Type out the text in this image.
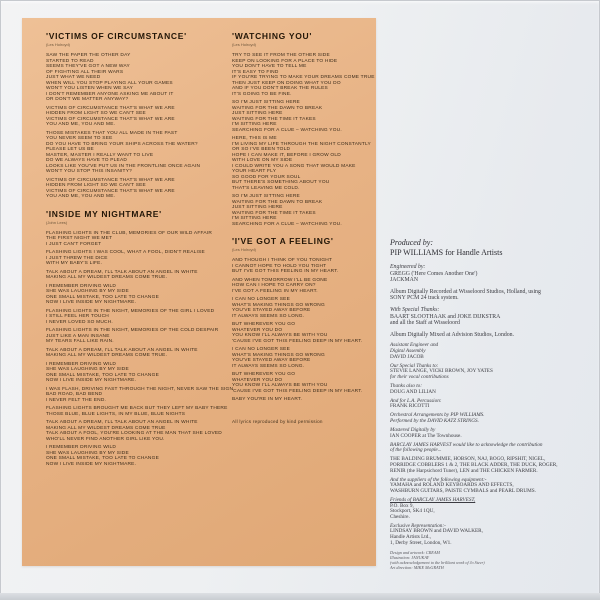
'VICTIMS OF CIRCUMSTANCE'
(Les Holroyd)
SAW THE PAPER THE OTHER DAY
STARTED TO READ
SEEMS THEY'VE GOT A NEW WAY
OF FIGHTING ALL THEIR WARS
JUST WHAT WE NEED
WHEN WILL YOU STOP PLAYING ALL YOUR GAMES
WON'T YOU LISTEN WHEN WE SAY
I DON'T REMEMBER ANYONE ASKING ME ABOUT IT
OR DON'T WE MATTER ANYWAY?
VICTIMS OF CIRCUMSTANCE THAT'S WHAT WE ARE
HIDDEN FROM LIGHT SO WE CAN'T SEE
VICTIMS OF CIRCUMSTANCE THAT'S WHAT WE ARE
YOU AND ME, YOU AND ME.
THOSE MISTAKES THAT YOU ALL MADE IN THE PAST
YOU NEVER SEEM TO SEE
DO YOU HAVE TO BRING YOUR SHIPS ACROSS THE WATER?
PLEASE LET US BE
MASTER, MASTER I REALLY WANT TO LIVE
DO WE ALWAYS HAVE TO PLEAD
LOOKS LIKE YOU'VE PUT US IN THE FRONTLINE ONCE AGAIN
WON'T YOU STOP THIS INSANITY?
VICTIMS OF CIRCUMSTANCE THAT'S WHAT WE ARE
HIDDEN FROM LIGHT SO WE CAN'T SEE
VICTIMS OF CIRCUMSTANCE THAT'S WHAT WE ARE
YOU AND ME, YOU AND ME.
'INSIDE MY NIGHTMARE'
(John Lees)
FLASHING LIGHTS IN THE CLUB, MEMORIES OF OUR WILD AFFAIR
THE FIRST NIGHT WE MET
I JUST CAN'T FORGET
FLASHING LIGHTS I WAS COOL, WHAT A FOOL, DIDN'T REALISE
I JUST THREW THE DICE
WITH MY BABY'S LIFE.
TALK ABOUT A DREAM, I'LL TALK ABOUT AN ANGEL IN WHITE
MAKING ALL MY WILDEST DREAMS COME TRUE.
I REMEMBER DRIVING WILD
SHE WAS LAUGHING BY MY SIDE
ONE SMALL MISTAKE, TOO LATE TO CHANGE
NOW I LIVE INSIDE MY NIGHTMARE.
FLASHING LIGHTS IN THE NIGHT, MEMORIES OF THE GIRL I LOVED
I STILL FEEL HER TOUCH
I NEVER LOVED SO MUCH.
FLASHING LIGHTS IN THE NIGHT, MEMORIES OF THE COLD DESPAIR
JUST LIKE A MAN INSANE
MY TEARS FALL LIKE RAIN.
TALK ABOUT A DREAM, I'LL TALK ABOUT AN ANGEL IN WHITE
MAKING ALL MY WILDEST DREAMS COME TRUE.
I REMEMBER DRIVING WILD
SHE WAS LAUGHING BY MY SIDE
ONE SMALL MISTAKE, TOO LATE TO CHANGE
NOW I LIVE INSIDE MY NIGHTMARE.
I WAS FLASH, DRIVING FAST THROUGH THE NIGHT, NEVER SAW THE SIGN
BAD ROAD, BAD BEND
I NEVER FELT THE END.
FLASHING LIGHTS BROUGHT ME BACK BUT THEY LEFT MY BABY THERE
THOSE BLUE, BLUE LIGHTS, IN MY BLUE, BLUE NIGHTS
TALK ABOUT A DREAM, I'LL TALK ABOUT AN ANGEL IN WHITE
MAKING ALL MY WILDEST DREAMS COME TRUE
TALK ABOUT A FOOL, YOU'RE LOOKING AT THE MAN THAT SHE LOVED
WHO'LL NEVER FIND ANOTHER GIRL LIKE YOU.
I REMEMBER DRIVING WILD
SHE WAS LAUGHING BY MY SIDE
ONE SMALL MISTAKE, TOO LATE TO CHANGE
NOW I LIVE INSIDE MY NIGHTMARE.
'WATCHING YOU'
(Les Holroyd)
TRY TO SEE IT FROM THE OTHER SIDE
KEEP ON LOOKING FOR A PLACE TO HIDE
YOU DON'T HAVE TO TELL ME
IT'S EASY TO FIND
IF YOU'RE TRYING TO MAKE YOUR DREAMS COME TRUE
THEN JUST KEEP ON DOING WHAT YOU DO
AND IF YOU DON'T BREAK THE RULES
IT'S GOING TO BE FINE.
SO I'M JUST SITTING HERE
WAITING FOR THE DAWN TO BREAK
JUST SITTING HERE
WAITING FOR THE TIME IT TAKES
I'M SITTING HERE
SEARCHING FOR A CLUE – WATCHING YOU.
HERE, THIS IS ME
I'M LIVING MY LIFE THROUGH THE NIGHT CONSTANTLY
OR SO I'VE BEEN TOLD
HOPE I CAN MAKE IT, BEFORE I GROW OLD
WITH LOVE ON MY SIDE
I COULD WRITE YOU A SONG THAT WOULD MAKE
YOUR HEART FLY
SO GOOD FOR YOUR SOUL
BUT THERE'S SOMETHING ABOUT YOU
THAT'S LEAVING ME COLD.
SO I'M JUST SITTING HERE
WAITING FOR THE DAWN TO BREAK
JUST SITTING HERE
WAITING FOR THE TIME IT TAKES
I'M SITTING HERE
SEARCHING FOR A CLUE – WATCHING YOU.
'I'VE GOT A FEELING'
(Les Holroyd)
AND THOUGH I THINK OF YOU TONIGHT
I CANNOT HOPE TO HOLD YOU TIGHT
BUT I'VE GOT THIS FEELING IN MY HEART.
AND WHEN TOMORROW I'LL BE GONE
HOW CAN I HOPE TO CARRY ON?
I'VE GOT A FEELING IN MY HEART.
I CAN NO LONGER SEE
WHAT'S MAKING THINGS GO WRONG
YOU'VE STAYED AWAY BEFORE
IT ALWAYS SEEMS SO LONG.
BUT WHEREVER YOU GO
WHATEVER YOU DO
YOU KNOW I'LL ALWAYS BE WITH YOU
'CAUSE I'VE GOT THIS FEELING DEEP IN MY HEART.
I CAN NO LONGER SEE
WHAT'S MAKING THINGS GO WRONG
YOU'VE STAYED AWAY BEFORE
IT ALWAYS SEEMS SO LONG.
BUT WHEREVER YOU GO
WHATEVER YOU DO
YOU KNOW I'LL ALWAYS BE WITH YOU
'CAUSE I'VE GOT THIS FEELING DEEP IN MY HEART.
BABY YOU'RE IN MY HEART.
All lyrics reproduced by kind permission
Produced by:
PIP WILLIAMS for Handle Artists
Engineered by:
GREGG ('Here Comes Another One')
JACKMAN
Album Digitally Recorded at Wisseloord Studios, Holland, using
SONY PCM 24 track system.
With Special Thanks:
BAART SLOOTHAAK and JOKE DIJKSTRA
and all the Staff at Wisseloord
Album Digitally Mixed at Advision Studios, London.
Assistant Engineer and
Digital Assembly
DAVID JACOB
Our Special Thanks to:
STEVIE LANGE, VICKI BROWN, JOY YATES
for their vocal contributions
Thanks also to:
DOUG AND LILIAN
And for L.A. Percussion:
FRANK RICOTTI
Orchestral Arrangements by PIP WILLIAMS.
Performed by the DAVID KATZ STRINGS.
Mastered Digitally by
IAN COOPER at The Townhouse.
BARCLAY JAMES HARVEST would like to acknowledge the contribution
of the following people...
THE BALDING BRUMMIE, HOBSON, NAJ, BOGO, RIPSHIT, NIGEL,
PORRIDGE COBBLERS 1 & 2, THE BLACK ADDER, THE DUCK, ROGER,
RENIR (the Harpsichord Tuner), LEN and THE CHICKEN FARMER.
And the suppliers of the following equipment:-
YAMAHA and ROLAND KEYBOARDS AND EFFECTS,
WASHBURN GUITARS, PAISTE CYMBALS and PEARL DRUMS.
Friends of BARCLAY JAMES HARVEST,
P.O. Box 9,
Stockport, SK4 1QU,
Cheshire.
Exclusive Representation:-
LINDSAY BROWN and DAVID WALKER,
Handle Artists Ltd.,
1, Derby Street, London, W1.
Design and artwork: CREAM
Illustration: JANUKAY
(with acknowledgement to the brilliant work of Jo Steer)
Art direction: MIKE McGRATH
